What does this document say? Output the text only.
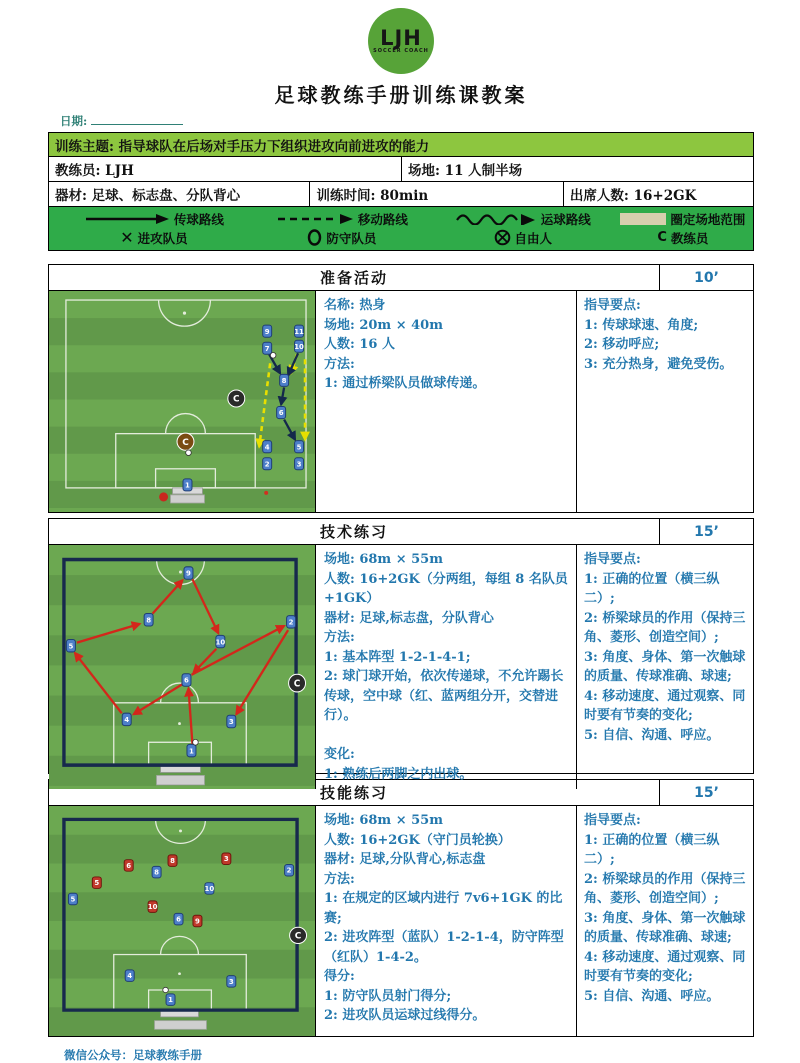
LJH
SOCCER COACH
足球教练手册训练课教案
日期:
训练主题: 指导球队在后场对手压力下组织进攻向前进攻的能力
教练员: LJH	场地: 11 人制半场
器材: 足球、标志盘、分队背心	训练时间: 80min	出席人数: 16+2GK
传球路线	移动路线	运球路线	圈定场地范围
✕ 进攻队员	防守队员	自由人	C 教练员
准备活动	10’
9	11
7	10
8
6
4	5
2	3
1
C
C
名称: 热身
场地: 20m × 40m
人数: 16 人
方法:
1: 通过桥梁队员做球传递。
指导要点:
1: 传球球速、角度;
2: 移动呼应;
3: 充分热身，避免受伤。
技术练习	15’
9
8
5	10
2
6
4	3
1
C
场地: 68m × 55m
人数: 16+2GK（分两组，每组 8 名队员+1GK）
器材: 足球,标志盘，分队背心
方法:
1: 基本阵型 1-2-1-4-1;
2: 球门球开始，依次传递球，不允许踢长传球，空中球（红、蓝两组分开，交替进行）。

变化:
1: 熟练后两脚之内出球。
指导要点:
1: 正确的位置（横三纵二）;
2: 桥梁球员的作用（保持三角、菱形、创造空间）;
3: 角度、身体、第一次触球的质量、传球准确、球速;
4: 移动速度、通过观察、同时要有节奏的变化;
5: 自信、沟通、呼应。
技能练习	15’
6
8	3
5
10
9
8	2
10
5
6
4
3
1
C
场地: 68m × 55m
人数: 16+2GK（守门员轮换）
器材: 足球,分队背心,标志盘
方法:
1: 在规定的区域内进行 7v6+1GK 的比赛;
2: 进攻阵型（蓝队）1-2-1-4，防守阵型（红队）1-4-2。
得分:
1: 防守队员射门得分;
2: 进攻队员运球过线得分。
指导要点:
1: 正确的位置（横三纵二）;
2: 桥梁球员的作用（保持三角、菱形、创造空间）;
3: 角度、身体、第一次触球的质量、传球准确、球速;
4: 移动速度、通过观察、同时要有节奏的变化;
5: 自信、沟通、呼应。
微信公众号：足球教练手册
